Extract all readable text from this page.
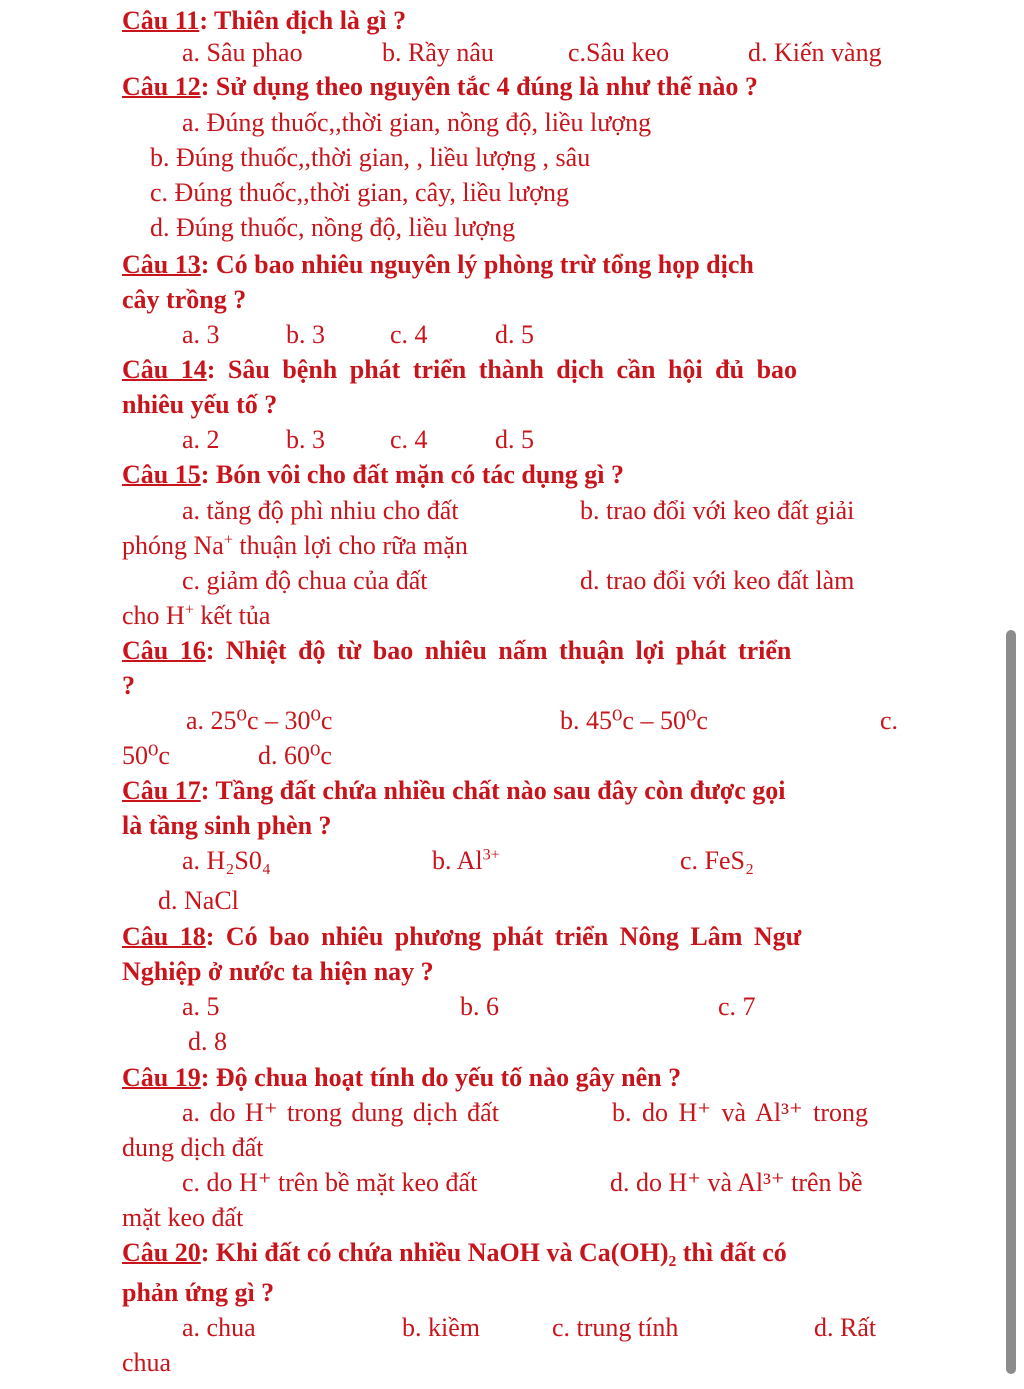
Câu 11: Thiên địch là gì ?
a. Sâu phao	b. Rầy nâu	c.Sâu keo	d. Kiến vàng
Câu 12: Sử dụng theo nguyên tắc 4 đúng là như thế nào ?
a. Đúng thuốc,,thời gian, nồng độ, liều lượng
b. Đúng thuốc,,thời gian, , liều lượng , sâu
c. Đúng thuốc,,thời gian, cây, liều lượng
d. Đúng thuốc, nồng độ, liều lượng
Câu 13: Có bao nhiêu nguyên lý phòng trừ tổng họp dịch
cây trồng ?
a. 3	b. 3	c. 4	d. 5
Câu 14: Sâu bệnh phát triển thành dịch cần hội đủ bao
nhiêu yếu tố ?
a. 2	b. 3	c. 4	d. 5
Câu 15: Bón vôi cho đất mặn có tác dụng gì ?
a. tăng độ phì nhiu cho đất	b. trao đổi với keo đất giải
phóng Na+ thuận lợi cho rữa mặn
c. giảm độ chua của đất	d. trao đổi với keo đất làm
cho H+ kết tủa
Câu 16: Nhiệt độ từ bao nhiêu nấm thuận lợi phát triển
?
a. 25⁰c – 30⁰c	b. 45⁰c – 50⁰c	c.
50⁰c	d. 60⁰c
Câu 17: Tầng đất chứa nhiều chất nào sau đây còn được gọi
là tầng sinh phèn ?
a. H₂S0₄	b. $Al^{3+}$	c. FeS₂
d. NaCl
Câu 18: Có bao nhiêu phương phát triển Nông Lâm Ngư
Nghiệp ở nước ta hiện nay ?
a. 5	b. 6	c. 7
d. 8
Câu 19: Độ chua hoạt tính do yếu tố nào gây nên ?
a. do H⁺ trong dung dịch đất	b. do H⁺ và Al³⁺ trong
dung dịch đất
c. do H⁺ trên bề mặt keo đất	d. do H⁺ và Al³⁺ trên bề
mặt keo đất
Câu 20: Khi đất có chứa nhiều NaOH và Ca(OH)₂ thì đất có
phản ứng gì ?
a. chua	b. kiềm	c. trung tính	d. Rất
chua
